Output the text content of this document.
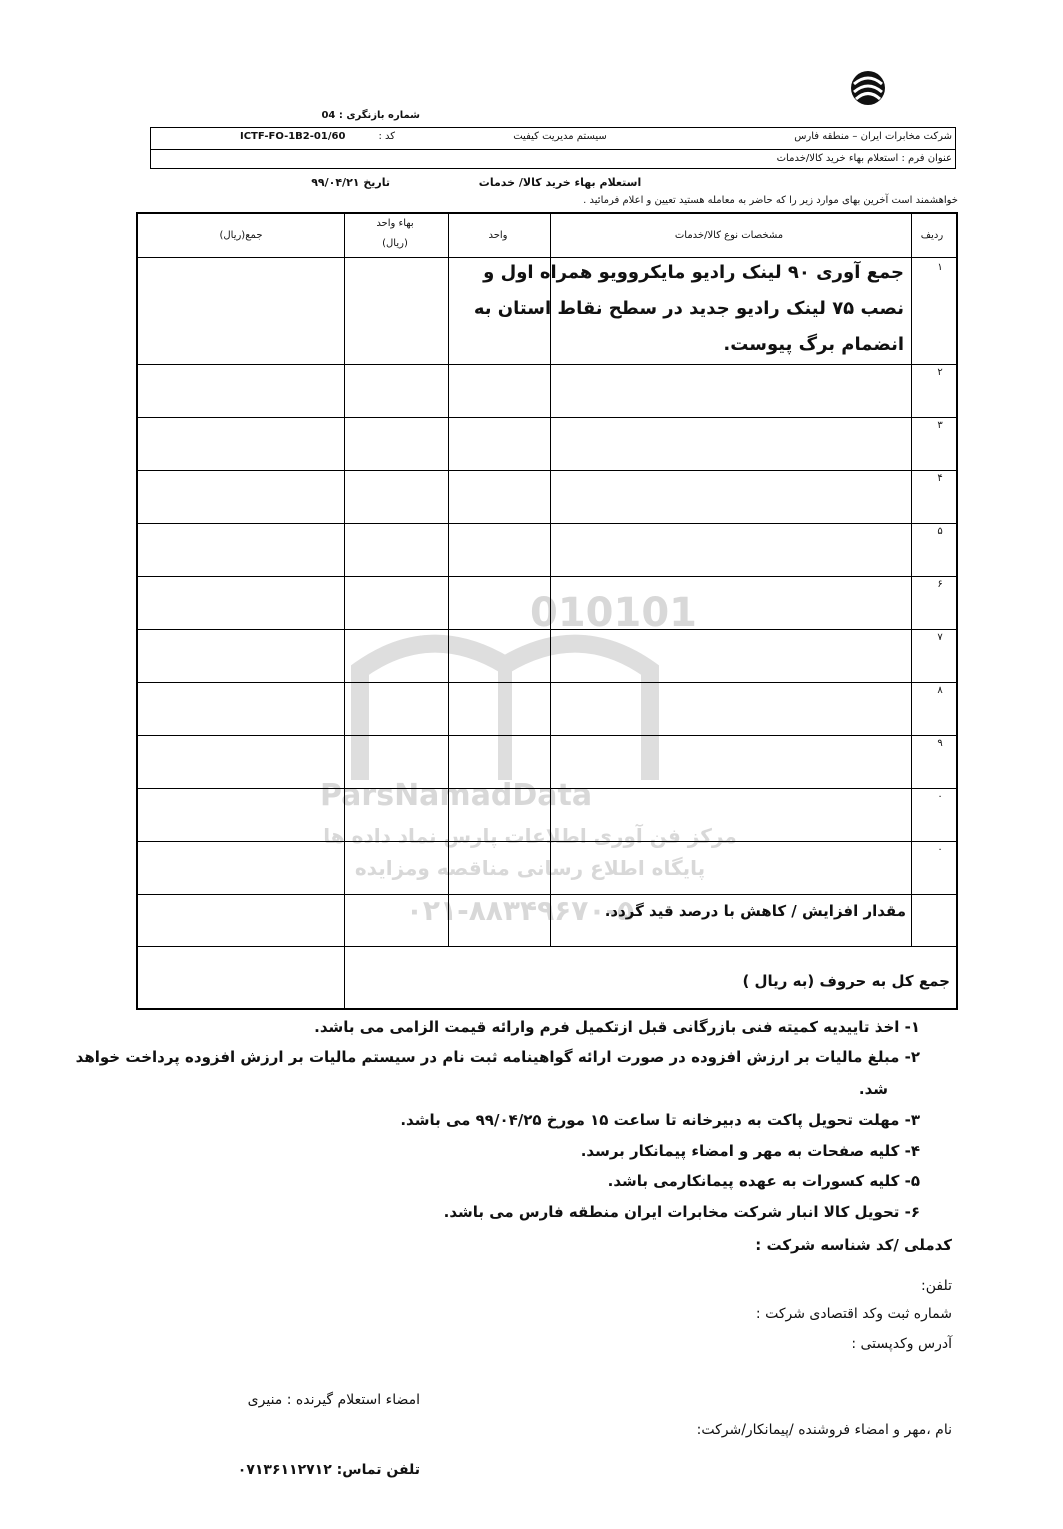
شماره بازنگری : 04
شرکت مخابرات ایران – منطقه فارس
سیستم مدیریت کیفیت
کد :
ICTF-FO-1B2-01/60
عنوان فرم : استعلام بهاء خرید کالا/خدمات
استعلام بهاء خرید کالا/ خدمات
تاریخ ۹۹/۰۴/۲۱
خواهشمند است آخرین بهای موارد زیر را که حاضر به معامله هستید تعیین و اعلام فرمائید .
010101
ParsNamadData
مرکز فن آوری اطلاعات پارس نماد داده ها
پایگاه اطلاع رسانی مناقصه ومزایده
۰۲۱-۸۸۳۴۹۶۷۰-۵
ردیف
مشخصات نوع کالا/خدمات
واحد
بهاء واحد
(ریال)
جمع(ریال)
۱
۲
۳
۴
۵
۶
۷
۸
۹
۰
۰
جمع آوری ۹۰ لینک رادیو مایکروویو همراه اول و
نصب ۷۵ لینک رادیو جدید در سطح نقاط استان به
انضمام برگ پیوست.
مقدار افزایش / کاهش با درصد قید گردد.
جمع کل به حروف (به ریال )
۱- اخذ تاییدیه کمیته فنی بازرگانی قبل ازتکمیل فرم وارائه قیمت الزامی می باشد.
۲- مبلغ مالیات بر ارزش افزوده در صورت ارائه گواهینامه ثبت نام در سیستم مالیات بر ارزش افزوده پرداخت خواهد
شد.
۳- مهلت تحویل پاکت به دبیرخانه تا ساعت ۱۵ مورخ ۹۹/۰۴/۲۵ می باشد.
۴- کلیه صفحات به مهر و امضاء پیمانکار برسد.
۵- کلیه کسورات به عهده پیمانکارمی باشد.
۶- تحویل کالا انبار شرکت مخابرات ایران منطقه فارس می باشد.
کدملی /کد شناسه شرکت :
تلفن:
شماره ثبت وکد اقتصادی شرکت :
آدرس وکدپستی :
امضاء استعلام گیرنده : منیری
نام ،مهر و امضاء فروشنده /پیمانکار/شرکت:
تلفن تماس: ۰۷۱۳۶۱۱۲۷۱۲
